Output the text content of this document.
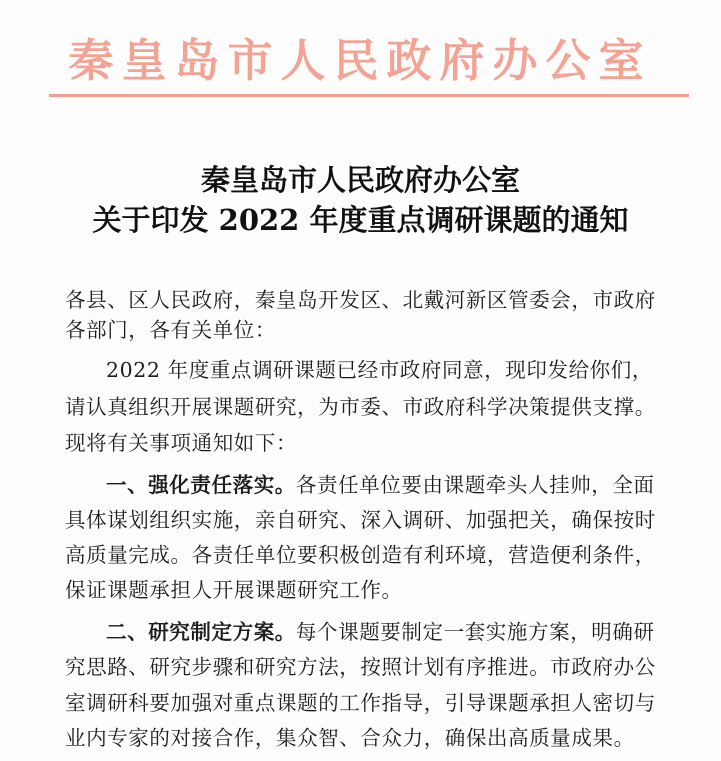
秦皇岛市人民政府办公室
秦皇岛市人民政府办公室
关于印发 2022 年度重点调研课题的通知
各县、区人民政府，秦皇岛开发区、北戴河新区管委会，市政府
各部门，各有关单位：
2022 年度重点调研课题已经市政府同意，现印发给你们，
请认真组织开展课题研究，为市委、市政府科学决策提供支撑。
现将有关事项通知如下：
一、强化责任落实。各责任单位要由课题牵头人挂帅，全面
具体谋划组织实施，亲自研究、深入调研、加强把关，确保按时
高质量完成。各责任单位要积极创造有利环境，营造便利条件，
保证课题承担人开展课题研究工作。
二、研究制定方案。每个课题要制定一套实施方案，明确研
究思路、研究步骤和研究方法，按照计划有序推进。市政府办公
室调研科要加强对重点课题的工作指导，引导课题承担人密切与
业内专家的对接合作，集众智、合众力，确保出高质量成果。
